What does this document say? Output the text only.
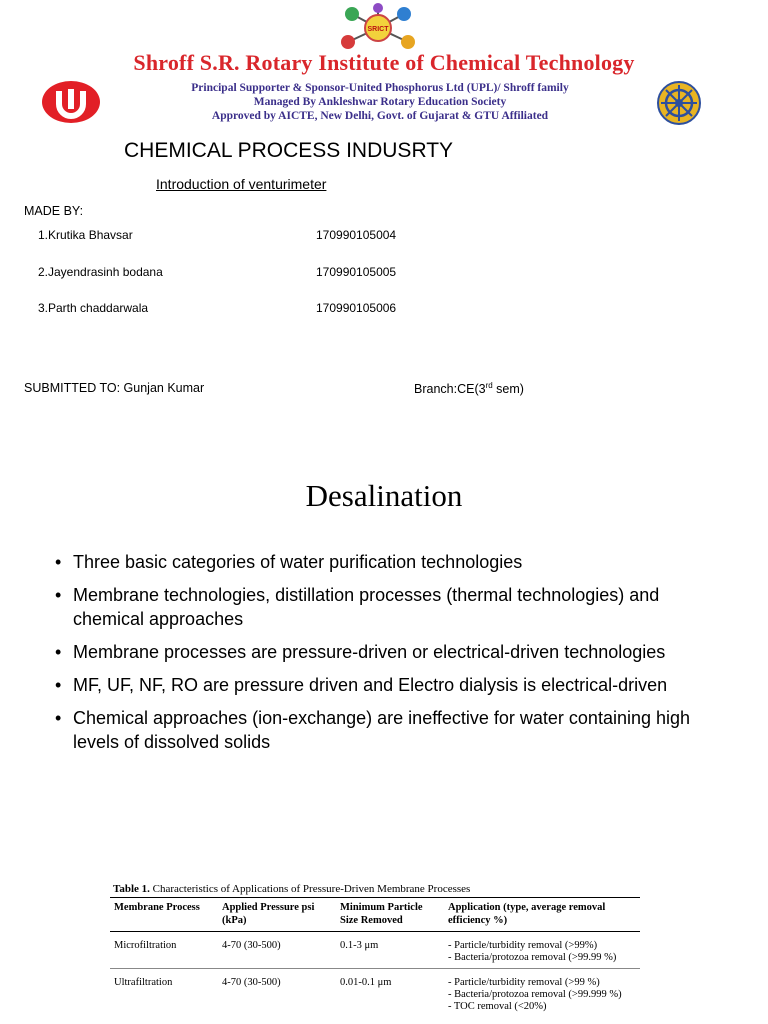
SRICT
Shroff S.R. Rotary Institute of Chemical Technology
Principal Supporter & Sponsor-United Phosphorus Ltd (UPL)/ Shroff family
Managed By Ankleshwar Rotary Education Society
Approved by AICTE, New Delhi, Govt. of Gujarat & GTU Affiliated
CHEMICAL PROCESS INDUSRTY
Introduction of venturimeter
MADE BY:
1.Krutika Bhavsar	170990105004
2.Jayendrasinh bodana	170990105005
3.Parth chaddarwala	170990105006
SUBMITTED TO: Gunjan Kumar	Branch:CE(3rd sem)
Desalination
• Three basic categories of water purification technologies
• Membrane technologies, distillation processes (thermal technologies) and chemical approaches
• Membrane processes are pressure-driven or electrical-driven technologies
• MF, UF, NF, RO are pressure driven and Electro dialysis is electrical-driven
• Chemical approaches (ion-exchange) are ineffective for water containing high levels of dissolved solids
Table 1. Characteristics of Applications of Pressure-Driven Membrane Processes
Membrane Process	Applied Pressure psi (kPa)	Minimum Particle Size Removed	Application (type, average removal efficiency %)
Microfiltration	4-70 (30-500)	0.1-3 μm	- Particle/turbidity removal (>99%)
- Bacteria/protozoa removal (>99.99 %)

Ultrafiltration	4-70 (30-500)	0.01-0.1 μm	- Particle/turbidity removal (>99 %)
- Bacteria/protozoa removal (>99.999 %)
- TOC removal (<20%)
